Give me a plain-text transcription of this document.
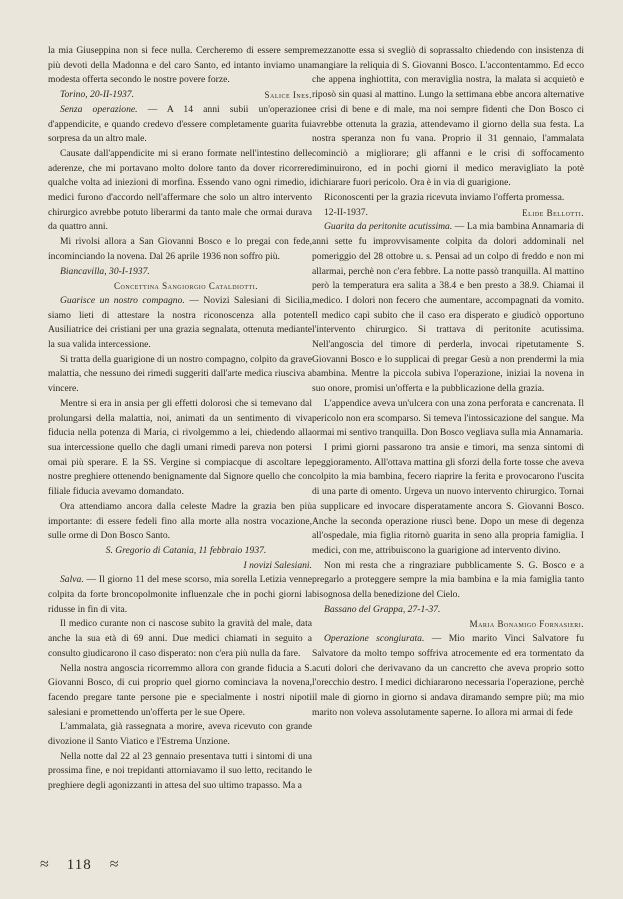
la mia Giuseppina non si fece nulla. Cercheremo di essere sempre più devoti della Madonna e del caro Santo, ed intanto inviamo una modesta offerta secondo le nostre povere forze.

Torino, 20-II-1937.	Salice Ines.

Senza operazione. — A 14 anni subii un'operazione d'appendicite, e quando credevo d'essere completamente guarita fui sorpresa da un altro male.

Causate dall'appendicite mi si erano formate nell'intestino delle aderenze, che mi portavano molto dolore tanto da dover ricorrere qualche volta ad iniezioni di morfina. Essendo vano ogni rimedio, i medici furono d'accordo nell'affermare che solo un altro intervento chirurgico avrebbe potuto liberarmi da tanto male che ormai durava da quattro anni.

Mi rivolsi allora a San Giovanni Bosco e lo pregai con fede, incominciando la novena. Dal 26 aprile 1936 non soffro più.

Biancavilla, 30-I-1937.

Concettina Sangiorgio Cataldiotti.

Guarisce un nostro compagno. — Novizi Salesiani di Sicilia, siamo lieti di attestare la nostra riconoscenza alla potente Ausiliatrice dei cristiani per una grazia segnalata, ottenuta mediante la sua valida intercessione.

Si tratta della guarigione di un nostro compagno, colpito da grave malattia, che nessuno dei rimedi suggeriti dall'arte medica riusciva a vincere.

Mentre si era in ansia per gli effetti dolorosi che si temevano dal prolungarsi della malattia, noi, animati da un sentimento di viva fiducia nella potenza di Maria, ci rivolgemmo a lei, chiedendo alla sua intercessione quello che dagli umani rimedi pareva non potersi omai più sperare. E la SS. Vergine si compiacque di ascoltare le nostre preghiere ottenendo benignamente dal Signore quello che con filiale fiducia avevamo domandato.

Ora attendiamo ancora dalla celeste Madre la grazia ben più importante: di essere fedeli fino alla morte alla nostra vocazione, sulle orme di Don Bosco Santo.

S. Gregorio di Catania, 11 febbraio 1937.

I novizi Salesiani.

Salva. — Il giorno 11 del mese scorso, mia sorella Letizia venne colpita da forte broncopolmonite influenzale che in pochi giorni la ridusse in fin di vita.

Il medico curante non ci nascose subito la gravità del male, data anche la sua età di 69 anni. Due medici chiamati in seguito a consulto giudicarono il caso disperato: non c'era più nulla da fare.

Nella nostra angoscia ricorremmo allora con grande fiducia a S. Giovanni Bosco, di cui proprio quel giorno cominciava la novena, facendo pregare tante persone pie e specialmente i nostri nipoti salesiani e promettendo un'offerta per le sue Opere.

L'ammalata, già rassegnata a morire, aveva ricevuto con grande divozione il Santo Viatico e l'Estrema Unzione.

Nella notte dal 22 al 23 gennaio presentava tutti i sintomi di una prossima fine, e noi trepidanti attorniavamo il suo letto, recitando le preghiere degli agonizzanti in attesa del suo ultimo trapasso. Ma a

mezzanotte essa si svegliò di soprassalto chiedendo con insistenza di mangiare la reliquia di S. Giovanni Bosco. L'accontentammo. Ed ecco che appena inghiottita, con meraviglia nostra, la malata si acquietò e riposò sin quasi al mattino. Lungo la settimana ebbe ancora alternative e crisi di bene e di male, ma noi sempre fidenti che Don Bosco ci avrebbe ottenuta la grazia, attendevamo il giorno della sua festa. La nostra speranza non fu vana. Proprio il 31 gennaio, l'ammalata cominciò a migliorare; gli affanni e le crisi di soffocamento diminuirono, ed in pochi giorni il medico meravigliato la potè dichiarare fuori pericolo. Ora è in via di guarigione.

Riconoscenti per la grazia ricevuta inviamo l'offerta promessa.

12-II-1937.	Elide Bellotti.

Guarita da peritonite acutissima. — La mia bambina Annamaria di anni sette fu improvvisamente colpita da dolori addominali nel pomeriggio del 28 ottobre u. s. Pensai ad un colpo di freddo e non mi allarmai, perchè non c'era febbre. La notte passò tranquilla. Al mattino però la temperatura era salita a 38.4 e ben presto a 38.9. Chiamai il medico. I dolori non fecero che aumentare, accompagnati da vomito. Il medico capì subito che il caso era disperato e giudicò opportuno l'intervento chirurgico. Si trattava di peritonite acutissima. Nell'angoscia del timore di perderla, invocai ripetutamente S. Giovanni Bosco e lo supplicai di pregar Gesù a non prendermi la mia bambina. Mentre la piccola subiva l'operazione, iniziai la novena in suo onore, promisi un'offerta e la pubblicazione della grazia.

L'appendice aveva un'ulcera con una zona perforata e cancrenata. Il pericolo non era scomparso. Si temeva l'intossicazione del sangue. Ma ormai mi sentivo tranquilla. Don Bosco vegliava sulla mia Annamaria.

I primi giorni passarono tra ansie e timori, ma senza sintomi di peggioramento. All'ottava mattina gli sforzi della forte tosse che aveva colpito la mia bambina, fecero riaprire la ferita e provocarono l'uscita di una parte di omento. Urgeva un nuovo intervento chirurgico. Tornai a supplicare ed invocare disperatamente ancora S. Giovanni Bosco. Anche la seconda operazione riuscì bene. Dopo un mese di degenza all'ospedale, mia figlia ritornò guarita in seno alla propria famiglia. I medici, con me, attribuiscono la guarigione ad intervento divino.

Non mi resta che a ringraziare pubblicamente S. G. Bosco e a pregarlo a proteggere sempre la mia bambina e la mia famiglia tanto bisognosa della benedizione del Cielo.

Bassano del Grappa, 27-1-37.

Maria Bonamigo Fornasieri.

Operazione scongiurata. — Mio marito Vinci Salvatore fu Salvatore da molto tempo soffriva atrocemente ed era tormentato da acuti dolori che derivavano da un cancretto che aveva proprio sotto l'orecchio destro. I medici dichiararono necessaria l'operazione, perchè il male di giorno in giorno si andava diramando sempre più; ma mio marito non voleva assolutamente saperne. Io allora mi armai di fede

≈ 118 ≈
